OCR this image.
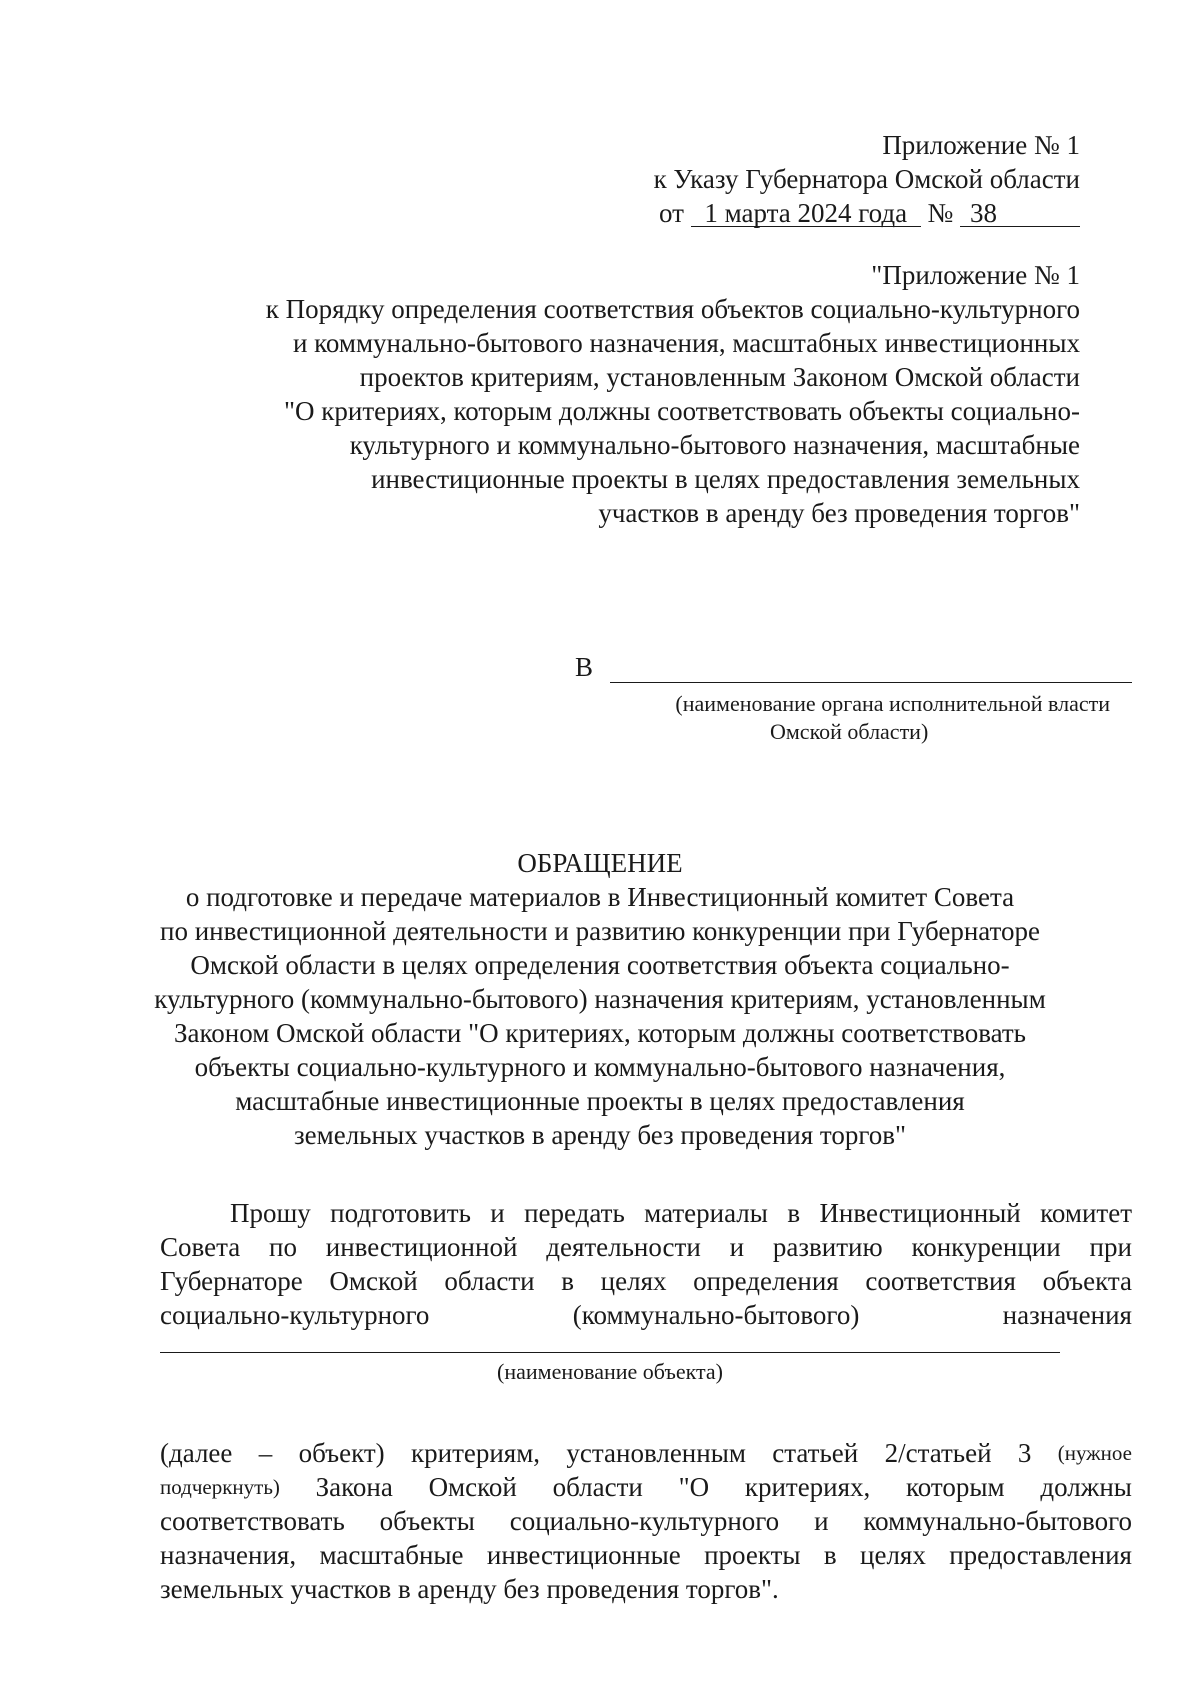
Приложение № 1
к Указу Губернатора Омской области
от 1 марта 2024 года № 38
"Приложение № 1
к Порядку определения соответствия объектов социально-культурного
и коммунально-бытового назначения, масштабных инвестиционных
проектов критериям, установленным Законом Омской области
"О критериях, которым должны соответствовать объекты социально-
культурного и коммунально-бытового назначения, масштабные
инвестиционные проекты в целях предоставления земельных
участков в аренду без проведения торгов"
В
(наименование органа исполнительной власти
Омской области)
ОБРАЩЕНИЕ
о подготовке и передаче материалов в Инвестиционный комитет Совета
по инвестиционной деятельности и развитию конкуренции при Губернаторе
Омской области в целях определения соответствия объекта социально-
культурного (коммунально-бытового) назначения критериям, установленным
Законом Омской области "О критериях, которым должны соответствовать
объекты социально-культурного и коммунально-бытового назначения,
масштабные инвестиционные проекты в целях предоставления
земельных участков в аренду без проведения торгов"
Прошу подготовить и передать материалы в Инвестиционный комитет
Совета по инвестиционной деятельности и развитию конкуренции при
Губернаторе Омской области в целях определения соответствия объекта
социально-культурного	(коммунально-бытового)	назначения
(наименование объекта)
(далее – объект) критериям, установленным статьей 2/статьей 3 (нужное
подчеркнуть) Закона Омской области "О критериях, которым должны
соответствовать объекты социально-культурного и коммунально-бытового
назначения, масштабные инвестиционные проекты в целях предоставления
земельных участков в аренду без проведения торгов".
